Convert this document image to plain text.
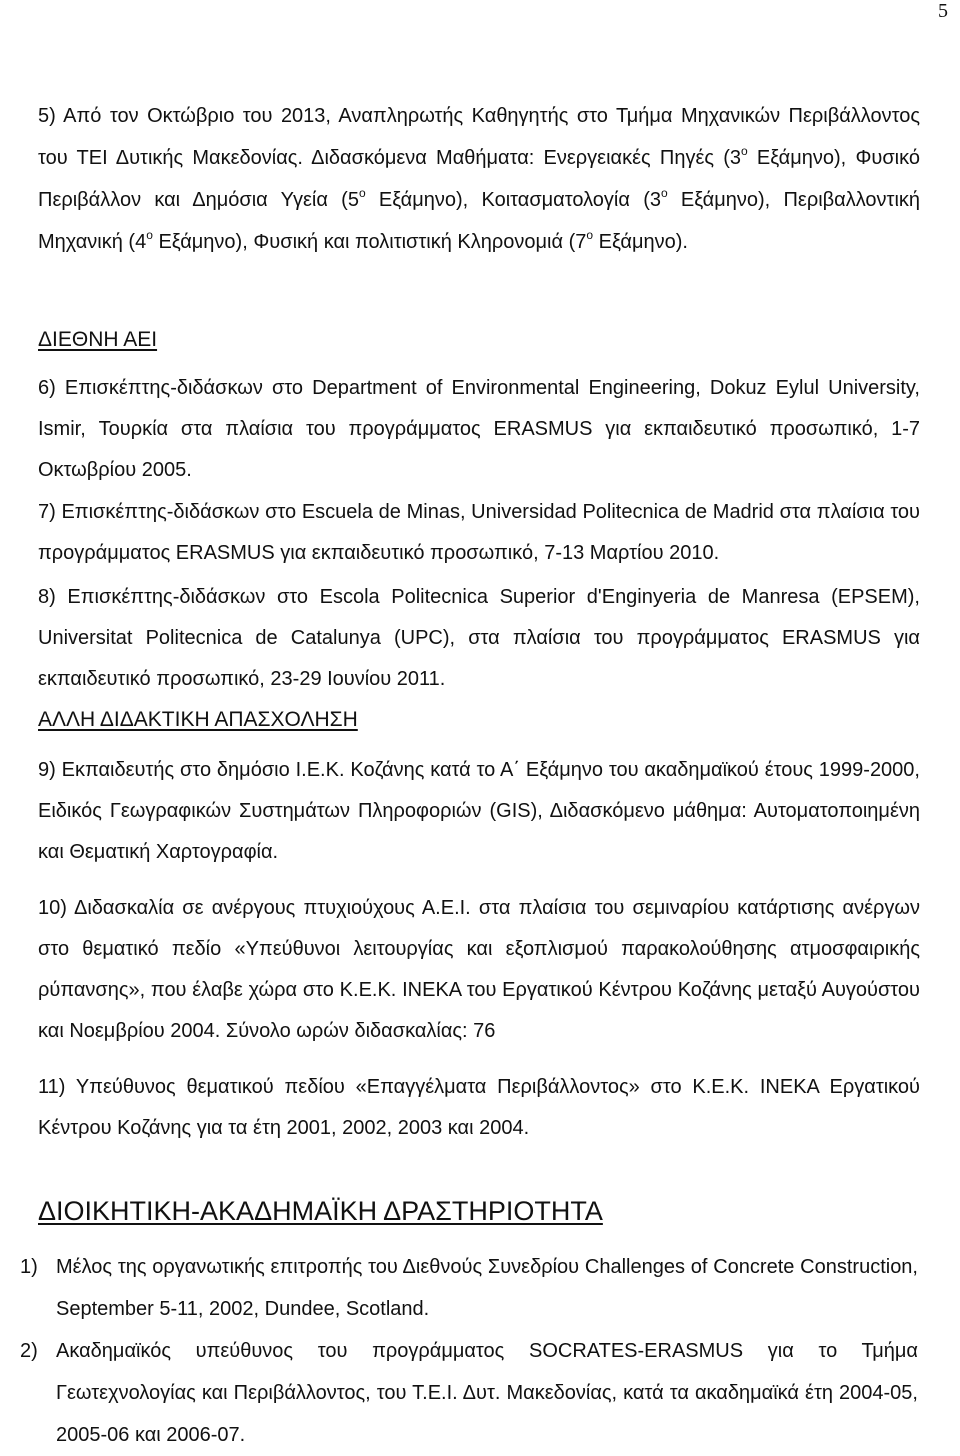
5
5) Από τον Οκτώβριο του 2013, Αναπληρωτής Καθηγητής στο Τμήμα Μηχανικών Περιβάλλοντος του ΤΕΙ Δυτικής Μακεδονίας. Διδασκόμενα Μαθήματα: Ενεργειακές Πηγές ($3^o$ Εξάμηνο), Φυσικό Περιβάλλον και Δημόσια Υγεία ($5^o$ Εξάμηνο), Κοιτασματολογία ($3^o$ Εξάμηνο), Περιβαλλοντική Μηχανική ($4^o$ Εξάμηνο), Φυσική και πολιτιστική Κληρονομιά ($7^o$ Εξάμηνο).
ΔΙΕΘΝΗ ΑΕΙ
6) Επισκέπτης-διδάσκων στο Department of Environmental Engineering, Dokuz Eylul University, Ismir, Τουρκία στα πλαίσια του προγράμματος ERASMUS για εκπαιδευτικό προσωπικό, 1-7 Οκτωβρίου 2005.
7) Επισκέπτης-διδάσκων στο Escuela de Minas, Universidad Politecnica de Madrid στα πλαίσια του προγράμματος ERASMUS για εκπαιδευτικό προσωπικό, 7-13 Μαρτίου 2010.
8) Επισκέπτης-διδάσκων στο Escola Politecnica Superior d'Enginyeria de Manresa (EPSEM), Universitat Politecnica de Catalunya (UPC), στα πλαίσια του προγράμματος ERASMUS για εκπαιδευτικό προσωπικό, 23-29 Ιουνίου 2011.
ΑΛΛΗ ΔΙΔΑΚΤΙΚΗ ΑΠΑΣΧΟΛΗΣΗ
9) Εκπαιδευτής στο δημόσιο Ι.Ε.Κ. Κοζάνης κατά το Α΄ Εξάμηνο του ακαδημαϊκού έτους 1999-2000, Ειδικός Γεωγραφικών Συστημάτων Πληροφοριών (GIS), Διδασκόμενο μάθημα: Αυτοματοποιημένη και Θεματική Χαρτογραφία.
10) Διδασκαλία σε ανέργους πτυχιούχους Α.Ε.Ι. στα πλαίσια του σεμιναρίου κατάρτισης ανέργων στο θεματικό πεδίο «Υπεύθυνοι λειτουργίας και εξοπλισμού παρακολούθησης ατμοσφαιρικής ρύπανσης», που έλαβε χώρα στο Κ.Ε.Κ. ΙΝΕΚΑ του Εργατικού Κέντρου Κοζάνης μεταξύ Αυγούστου και Νοεμβρίου 2004. Σύνολο ωρών διδασκαλίας: 76
11) Υπεύθυνος θεματικού πεδίου «Επαγγέλματα Περιβάλλοντος» στο Κ.Ε.Κ. ΙΝΕΚΑ Εργατικού Κέντρου Κοζάνης για τα έτη 2001, 2002, 2003 και 2004.
ΔΙΟΙΚΗΤΙΚΗ-ΑΚΑΔΗΜΑΪΚΗ ΔΡΑΣΤΗΡΙΟΤΗΤΑ
1) Μέλος της οργανωτικής επιτροπής του Διεθνούς Συνεδρίου Challenges of Concrete Construction, September 5-11, 2002, Dundee, Scotland.
2) Ακαδημαϊκός υπεύθυνος του προγράμματος SOCRATES-ERASMUS για το Τμήμα Γεωτεχνολογίας και Περιβάλλοντος, του Τ.Ε.Ι. Δυτ. Μακεδονίας, κατά τα ακαδημαϊκά έτη 2004-05, 2005-06 και 2006-07.
